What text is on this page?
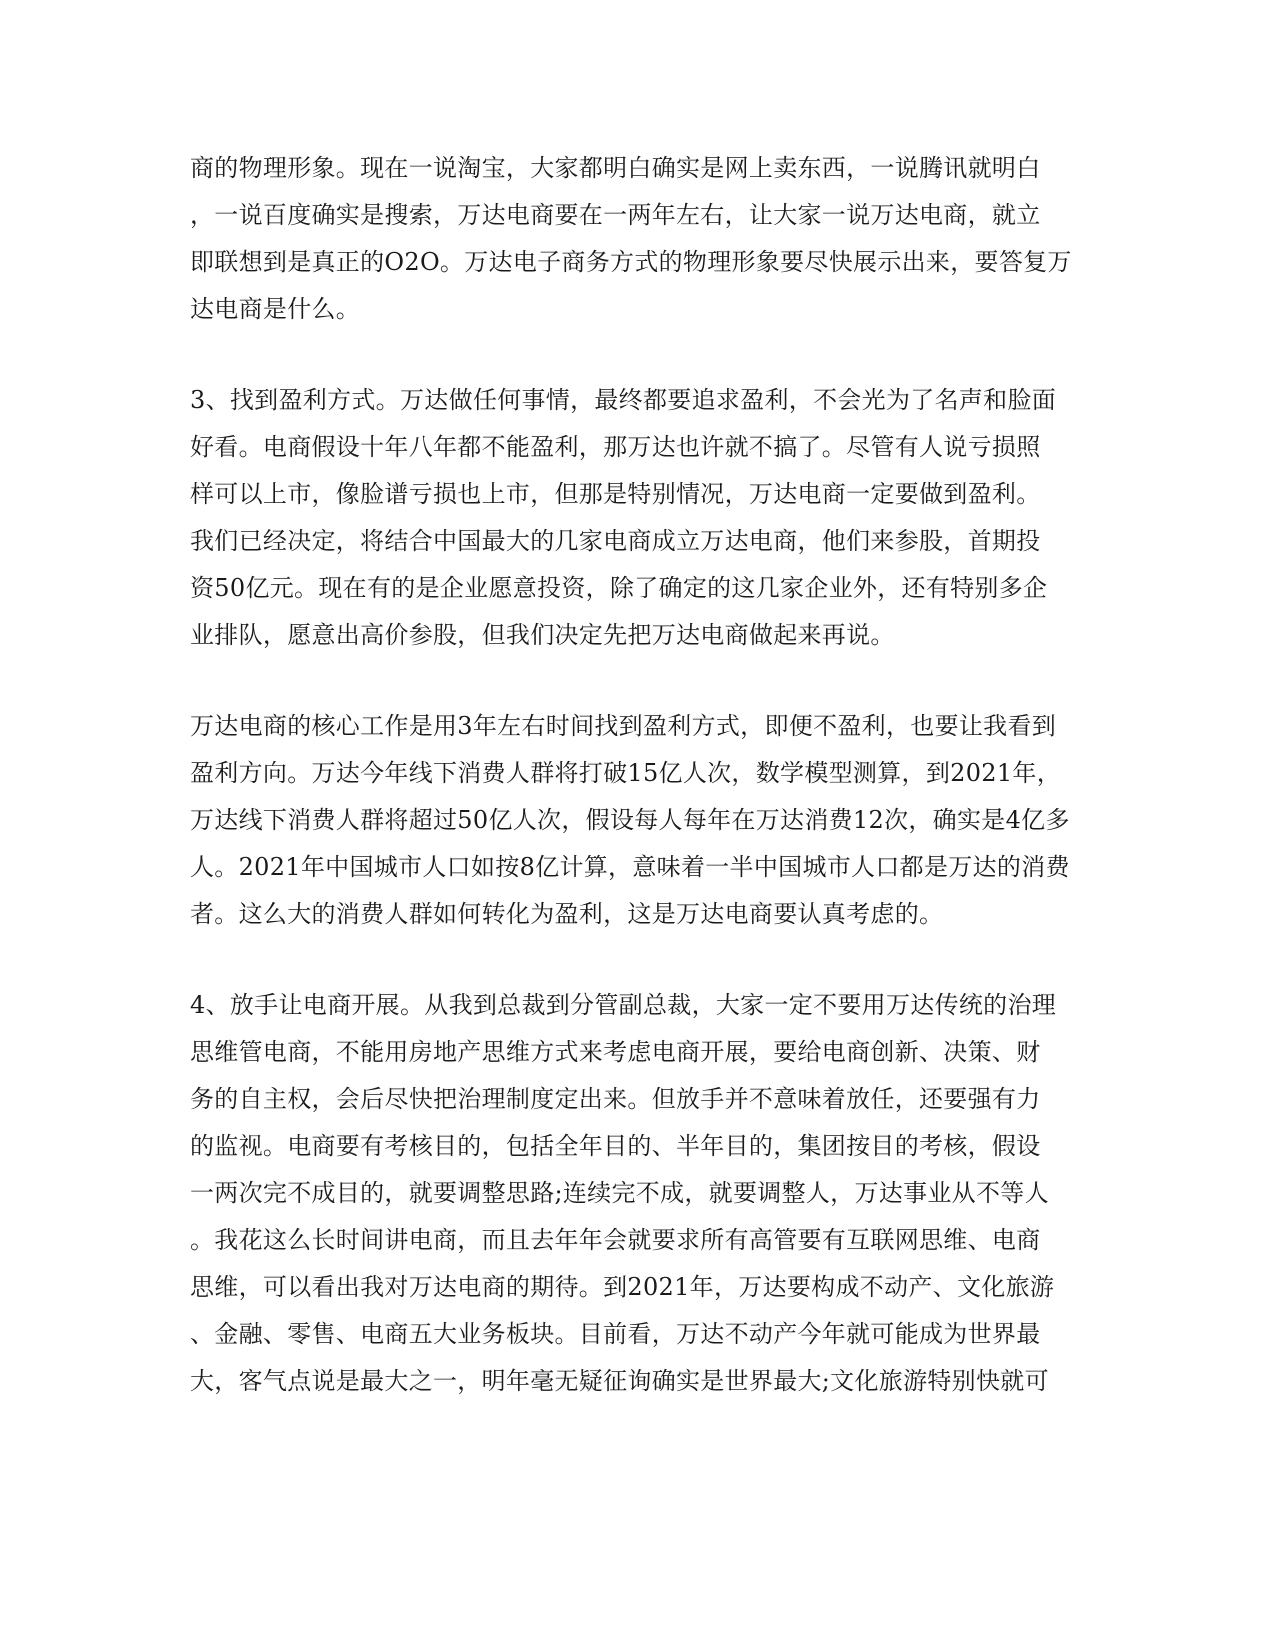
商的物理形象。现在一说淘宝，大家都明白确实是网上卖东西，一说腾讯就明白
，一说百度确实是搜索，万达电商要在一两年左右，让大家一说万达电商，就立
即联想到是真正的O2O。万达电子商务方式的物理形象要尽快展示出来，要答复万
达电商是什么。
3、找到盈利方式。万达做任何事情，最终都要追求盈利，不会光为了名声和脸面
好看。电商假设十年八年都不能盈利，那万达也许就不搞了。尽管有人说亏损照
样可以上市，像脸谱亏损也上市，但那是特别情况，万达电商一定要做到盈利。
我们已经决定，将结合中国最大的几家电商成立万达电商，他们来参股，首期投
资50亿元。现在有的是企业愿意投资，除了确定的这几家企业外，还有特别多企
业排队，愿意出高价参股，但我们决定先把万达电商做起来再说。
万达电商的核心工作是用3年左右时间找到盈利方式，即便不盈利，也要让我看到
盈利方向。万达今年线下消费人群将打破15亿人次，数学模型测算，到2021年，
万达线下消费人群将超过50亿人次，假设每人每年在万达消费12次，确实是4亿多
人。2021年中国城市人口如按8亿计算，意味着一半中国城市人口都是万达的消费
者。这么大的消费人群如何转化为盈利，这是万达电商要认真考虑的。
4、放手让电商开展。从我到总裁到分管副总裁，大家一定不要用万达传统的治理
思维管电商，不能用房地产思维方式来考虑电商开展，要给电商创新、决策、财
务的自主权，会后尽快把治理制度定出来。但放手并不意味着放任，还要强有力
的监视。电商要有考核目的，包括全年目的、半年目的，集团按目的考核，假设
一两次完不成目的，就要调整思路;连续完不成，就要调整人，万达事业从不等人
。我花这么长时间讲电商，而且去年年会就要求所有高管要有互联网思维、电商
思维，可以看出我对万达电商的期待。到2021年，万达要构成不动产、文化旅游
、金融、零售、电商五大业务板块。目前看，万达不动产今年就可能成为世界最
大，客气点说是最大之一，明年毫无疑征询确实是世界最大;文化旅游特别快就可
